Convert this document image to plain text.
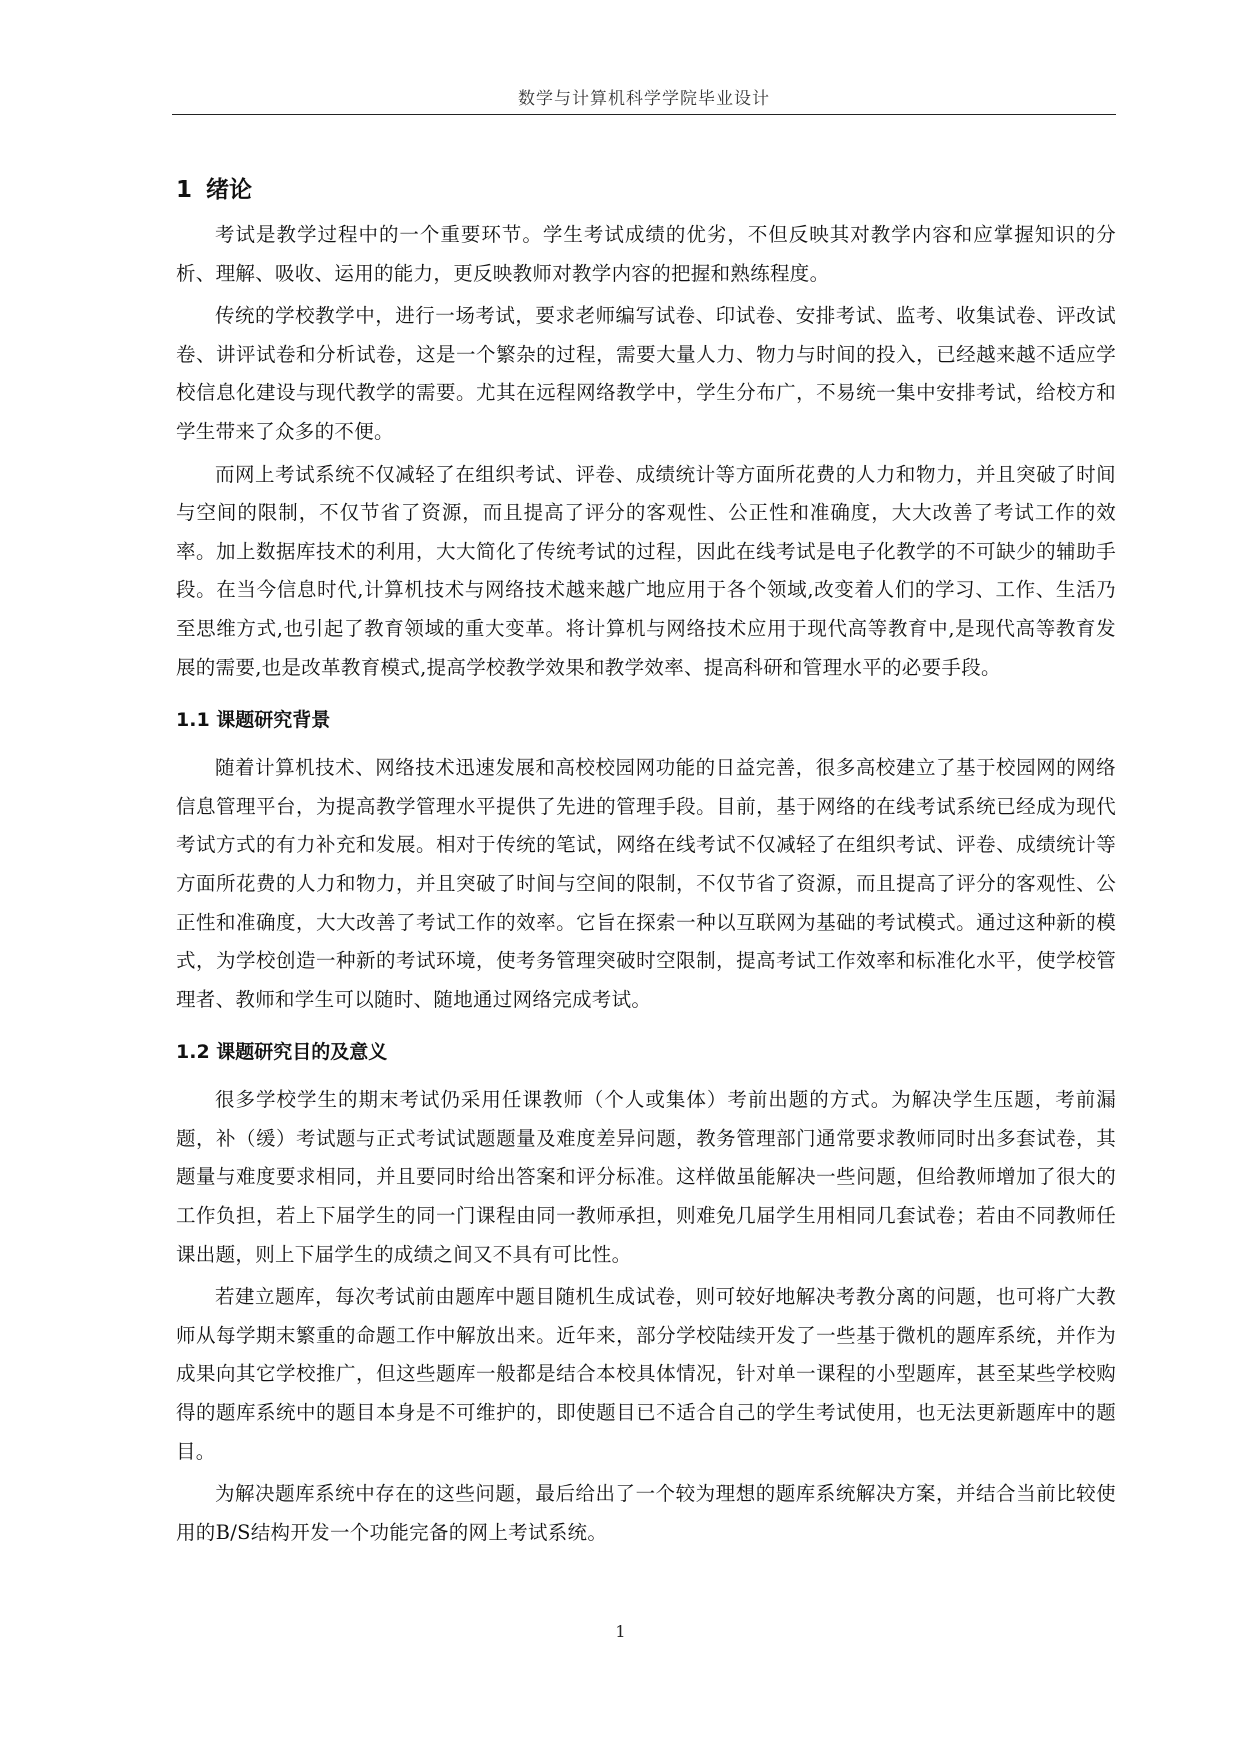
数学与计算机科学学院毕业设计
1 绪论

考试是教学过程中的一个重要环节。学生考试成绩的优劣，不但反映其对教学内容和应掌握知识的分析、理解、吸收、运用的能力，更反映教师对教学内容的把握和熟练程度。

传统的学校教学中，进行一场考试，要求老师编写试卷、印试卷、安排考试、监考、收集试卷、评改试卷、讲评试卷和分析试卷，这是一个繁杂的过程，需要大量人力、物力与时间的投入，已经越来越不适应学校信息化建设与现代教学的需要。尤其在远程网络教学中，学生分布广，不易统一集中安排考试，给校方和学生带来了众多的不便。

而网上考试系统不仅减轻了在组织考试、评卷、成绩统计等方面所花费的人力和物力，并且突破了时间与空间的限制，不仅节省了资源，而且提高了评分的客观性、公正性和准确度，大大改善了考试工作的效率。加上数据库技术的利用，大大简化了传统考试的过程，因此在线考试是电子化教学的不可缺少的辅助手段。在当今信息时代,计算机技术与网络技术越来越广地应用于各个领域,改变着人们的学习、工作、生活乃至思维方式,也引起了教育领域的重大变革。将计算机与网络技术应用于现代高等教育中,是现代高等教育发展的需要,也是改革教育模式,提高学校教学效果和教学效率、提高科研和管理水平的必要手段。

1.1 课题研究背景

随着计算机技术、网络技术迅速发展和高校校园网功能的日益完善，很多高校建立了基于校园网的网络信息管理平台，为提高教学管理水平提供了先进的管理手段。目前，基于网络的在线考试系统已经成为现代考试方式的有力补充和发展。相对于传统的笔试，网络在线考试不仅减轻了在组织考试、评卷、成绩统计等方面所花费的人力和物力，并且突破了时间与空间的限制，不仅节省了资源，而且提高了评分的客观性、公正性和准确度，大大改善了考试工作的效率。它旨在探索一种以互联网为基础的考试模式。通过这种新的模式，为学校创造一种新的考试环境，使考务管理突破时空限制，提高考试工作效率和标准化水平，使学校管理者、教师和学生可以随时、随地通过网络完成考试。

1.2 课题研究目的及意义

很多学校学生的期末考试仍采用任课教师（个人或集体）考前出题的方式。为解决学生压题，考前漏题，补（缓）考试题与正式考试试题题量及难度差异问题，教务管理部门通常要求教师同时出多套试卷，其题量与难度要求相同，并且要同时给出答案和评分标准。这样做虽能解决一些问题，但给教师增加了很大的工作负担，若上下届学生的同一门课程由同一教师承担，则难免几届学生用相同几套试卷；若由不同教师任课出题，则上下届学生的成绩之间又不具有可比性。

若建立题库，每次考试前由题库中题目随机生成试卷，则可较好地解决考教分离的问题，也可将广大教师从每学期末繁重的命题工作中解放出来。近年来，部分学校陆续开发了一些基于微机的题库系统，并作为成果向其它学校推广，但这些题库一般都是结合本校具体情况，针对单一课程的小型题库，甚至某些学校购得的题库系统中的题目本身是不可维护的，即使题目已不适合自己的学生考试使用，也无法更新题库中的题目。

为解决题库系统中存在的这些问题，最后给出了一个较为理想的题库系统解决方案，并结合当前比较使用的B/S结构开发一个功能完备的网上考试系统。

1
